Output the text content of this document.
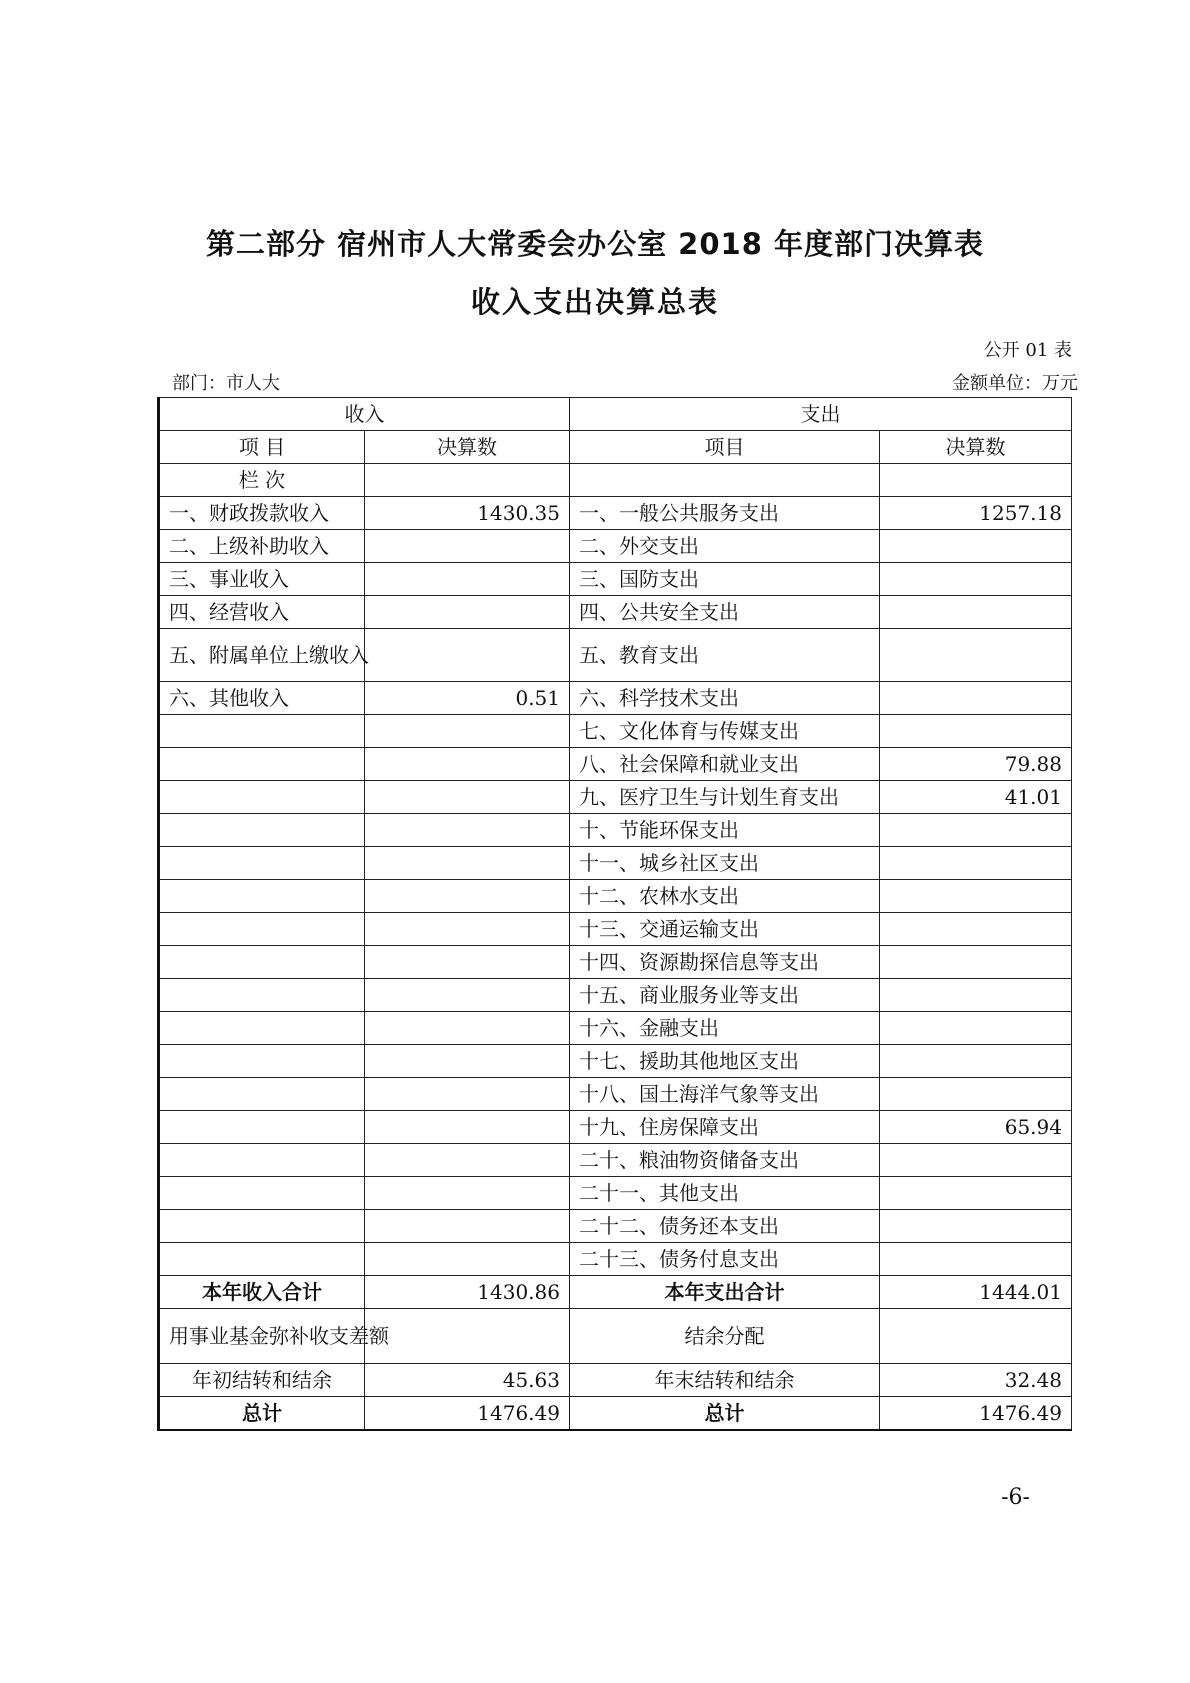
第二部分 宿州市人大常委会办公室 2018 年度部门决算表
收入支出决算总表
公开 01 表
部门：市人大	金额单位：万元
收入		支出	
项 目	决算数	项目	决算数
栏 次			
一、财政拨款收入	1430.35	一、一般公共服务支出	1257.18
二、上级补助收入		二、外交支出	
三、事业收入		三、国防支出	
四、经营收入		四、公共安全支出	
五、附属单位上缴收入		五、教育支出	
六、其他收入	0.51	六、科学技术支出	
		七、文化体育与传媒支出	
		八、社会保障和就业支出	79.88
		九、医疗卫生与计划生育支出	41.01
		十、节能环保支出	
		十一、城乡社区支出	
		十二、农林水支出	
		十三、交通运输支出	
		十四、资源勘探信息等支出	
		十五、商业服务业等支出	
		十六、金融支出	
		十七、援助其他地区支出	
		十八、国土海洋气象等支出	
		十九、住房保障支出	65.94
		二十、粮油物资储备支出	
		二十一、其他支出	
		二十二、债务还本支出	
		二十三、债务付息支出	
本年收入合计	1430.86	本年支出合计	1444.01
用事业基金弥补收支差额		结余分配	
年初结转和结余	45.63	年末结转和结余	32.48
总计	1476.49	总计	1476.49
-6-
